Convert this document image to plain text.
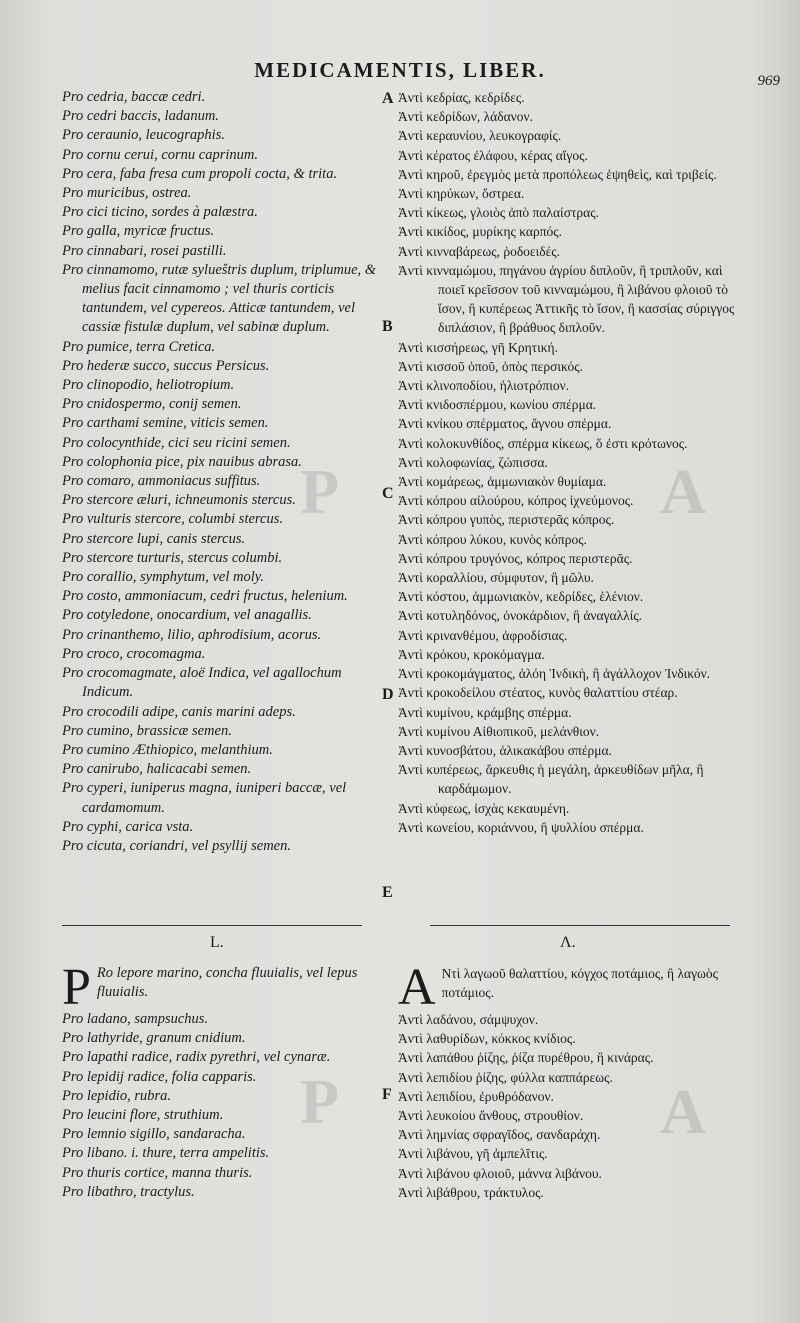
P	A
P	A
MEDICAMENTIS, LIBER.	969
A
B
C
D
E
F

Pro cedria, baccæ cedri.

Pro cedri baccis, ladanum.

Pro ceraunio, leucographis.

Pro cornu cerui, cornu caprinum.

Pro cera, faba fresa cum propoli cocta, & trita.

Pro muricibus, ostrea.

Pro cici ticino, sordes à palæstra.

Pro galla, myricæ fructus.

Pro cinnabari, rosei pastilli.

Pro cinnamomo, rutæ sylueštris duplum, triplumue, & melius facit cinnamomo ; vel thuris corticis tantundem, vel cypereos. Atticæ tantundem, vel cassiæ fistulæ duplum, vel sabinæ duplum.

Pro pumice, terra Cretica.

Pro hederæ succo, succus Persicus.

Pro clinopodio, heliotropium.

Pro cnidospermo, conij semen.

Pro carthami semine, viticis semen.

Pro colocynthide, cici seu ricini semen.

Pro colophonia pice, pix nauibus abrasa.

Pro comaro, ammoniacus suffitus.

Pro stercore æluri, ichneumonis stercus.

Pro vulturis stercore, columbi stercus.

Pro stercore lupi, canis stercus.

Pro stercore turturis, stercus columbi.

Pro corallio, symphytum, vel moly.

Pro costo, ammoniacum, cedri fructus, helenium.

Pro cotyledone, onocardium, vel anagallis.

Pro crinanthemo, lilio, aphrodisium, acorus.

Pro croco, crocomagma.

Pro crocomagmate, aloë Indica, vel agallochum Indicum.

Pro crocodili adipe, canis marini adeps.

Pro cumino, brassicæ semen.

Pro cumino Æthiopico, melanthium.

Pro canirubo, halicacabi semen.

Pro cyperi, iuniperus magna, iuniperi baccæ, vel cardamomum.

Pro cyphi, carica vsta.

Pro cicuta, coriandri, vel psyllij semen.

Ἀντὶ κεδρίας, κεδρίδες.

Ἀντὶ κεδρίδων, λάδανον.

Ἀντὶ κεραυνίου, λευκογραφίς.

Ἀντὶ κέρατος ἐλάφου, κέρας αἴγος.

Ἀντὶ κηροῦ, ἐρεγμὸς μετὰ προπόλεως ἑψηθεὶς, καὶ τριβείς.

Ἀντὶ κηρύκων, ὄστρεα.

Ἀντὶ κίκεως, γλοιὸς ἀπὸ παλαίστρας.

Ἀντὶ κικίδος, μυρίκης καρπός.

Ἀντὶ κινναβάρεως, ῥοδοειδές.

Ἀντὶ κινναμώμου, πηγάνου ἀγρίου διπλοῦν, ἢ τριπλοῦν, καὶ ποιεῖ κρεῖσσον τοῦ κινναμώμου, ἢ λιβάνου φλοιοῦ τὸ ἴσον, ἢ κυπέρεως Ἀττικῆς τὸ ἴσον, ἢ κασσίας σύριγγος διπλάσιον, ἢ βράθυος διπλοῦν.

Ἀντὶ κισσήρεως, γῆ Κρητική.

Ἀντὶ κισσοῦ ὀποῦ, ὀπὸς περσικός.

Ἀντὶ κλινοποδίου, ἡλιοτρόπιον.

Ἀντὶ κνιδοσπέρμου, κωνίου σπέρμα.

Ἀντὶ κνίκου σπέρματος, ἄγνου σπέρμα.

Ἀντὶ κολοκυνθίδος, σπέρμα κίκεως, ὅ ἐστι κρότωνος.

Ἀντὶ κολοφωνίας, ζώπισσα.

Ἀντὶ κομάρεως, ἀμμωνιακὸν θυμίαμα.

Ἀντὶ κόπρου αἰλούρου, κόπρος ἰχνεύμονος.

Ἀντὶ κόπρου γυπὸς, περιστερᾶς κόπρος.

Ἀντὶ κόπρου λύκου, κυνὸς κόπρος.

Ἀντὶ κόπρου τρυγόνος, κόπρος περιστερᾶς.

Ἀντὶ κοραλλίου, σύμφυτον, ἢ μῶλυ.

Ἀντὶ κόστου, ἀμμωνιακὸν, κεδρίδες, ἑλένιον.

Ἀντὶ κοτυληδόνος, ὀνοκάρδιον, ἢ ἀναγαλλίς.

Ἀντὶ κρινανθέμου, ἀφροδίσιας.

Ἀντὶ κρόκου, κροκόμαγμα.

Ἀντὶ κροκομάγματος, ἀλόη Ἰνδικὴ, ἢ ἀγάλλοχον Ἰνδικόν.

Ἀντὶ κροκοδείλου στέατος, κυνὸς θαλαττίου στέαρ.

Ἀντὶ κυμίνου, κράμβης σπέρμα.

Ἀντὶ κυμίνου Αἰθιοπικοῦ, μελάνθιον.

Ἀντὶ κυνοσβάτου, ἁλικακάβου σπέρμα.

Ἀντὶ κυπέρεως, ἄρκευθις ἡ μεγάλη, ἀρκευθίδων μῆλα, ἢ καρδάμωμον.

Ἀντὶ κύφεως, ἰσχὰς κεκαυμένη.

Ἀντὶ κωνείου, κοριάννου, ἢ ψυλλίου σπέρμα.

L.	Λ.

P Ro lepore marino, concha fluuialis, vel lepus fluuialis.

Pro ladano, sampsuchus.

Pro lathyride, granum cnidium.

Pro lapathi radice, radix pyrethri, vel cynaræ.

Pro lepidij radice, folia capparis.

Pro lepidio, rubra.

Pro leucini flore, struthium.

Pro lemnio sigillo, sandaracha.

Pro libano. i. thure, terra ampelitis.

Pro thuris cortice, manna thuris.

Pro libathro, tractylus.

A Ντὶ λαγωοῦ θαλαττίου, κόγχος ποτάμιος, ἢ λαγωὸς ποτάμιος.

Ἀντὶ λαδάνου, σάμψυχον.

Ἀντὶ λαθυρίδων, κόκκος κνίδιος.

Ἀντὶ λαπάθου ῥίζης, ῥίζα πυρέθρου, ἢ κινάρας.

Ἀντὶ λεπιδίου ῥίζης, φύλλα καππάρεως.

Ἀντὶ λεπιδίου, ἐρυθρόδανον.

Ἀντὶ λευκοίου ἄνθους, στρουθίον.

Ἀντὶ λημνίας σφραγῖδος, σανδαράχη.

Ἀντὶ λιβάνου, γῆ ἀμπελῖτις.

Ἀντὶ λιβάνου φλοιοῦ, μάννα λιβάνου.

Ἀντὶ λιβάθρου, τράκτυλος.
